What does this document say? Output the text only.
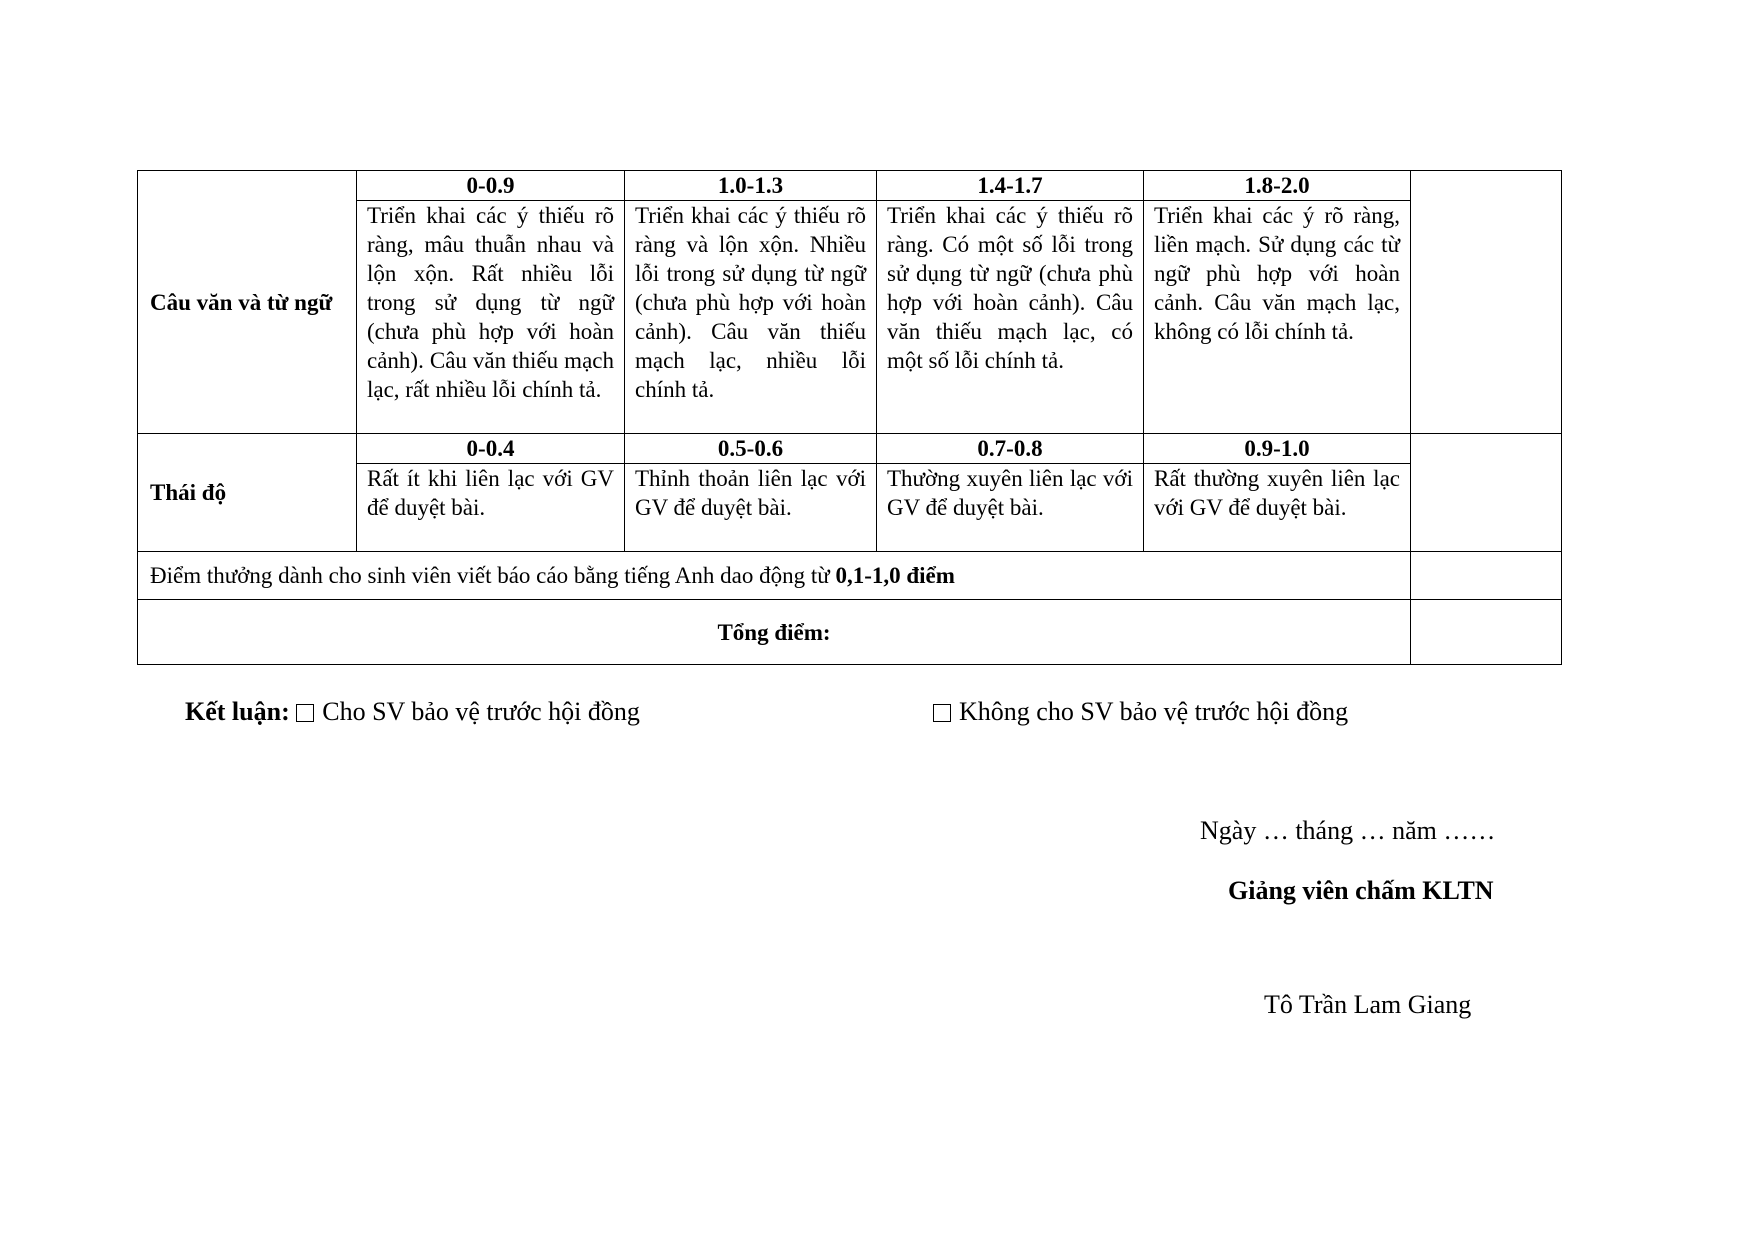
Câu văn và từ ngữ	0-0.9	1.0-1.3	1.4-1.7	1.8-2.0	
	Triển khai các ý thiếu rõ ràng, mâu thuẫn nhau và lộn xộn. Rất nhiều lỗi trong sử dụng từ ngữ (chưa phù hợp với hoàn cảnh). Câu văn thiếu mạch lạc, rất nhiều lỗi chính tả.	Triển khai các ý thiếu rõ ràng và lộn xộn. Nhiều lỗi trong sử dụng từ ngữ (chưa phù hợp với hoàn cảnh). Câu văn thiếu mạch lạc, nhiều lỗi chính tả.	Triển khai các ý thiếu rõ ràng. Có một số lỗi trong sử dụng từ ngữ (chưa phù hợp với hoàn cảnh). Câu văn thiếu mạch lạc, có một số lỗi chính tả.	Triển khai các ý rõ ràng, liền mạch. Sử dụng các từ ngữ phù hợp với hoàn cảnh. Câu văn mạch lạc, không có lỗi chính tả.	
Thái độ	0-0.4	0.5-0.6	0.7-0.8	0.9-1.0	
	Rất ít khi liên lạc với GV để duyệt bài.	Thỉnh thoản liên lạc với GV để duyệt bài.	Thường xuyên liên lạc với GV để duyệt bài.	Rất thường xuyên liên lạc với GV để duyệt bài.	
Điểm thưởng dành cho sinh viên viết báo cáo bằng tiếng Anh dao động từ 0,1-1,0 điểm					
Tổng điểm:					
Kết luận: Cho SV bảo vệ trước hội đồng	Không cho SV bảo vệ trước hội đồng
Ngày … tháng … năm ……
Giảng viên chấm KLTN
Tô Trần Lam Giang
